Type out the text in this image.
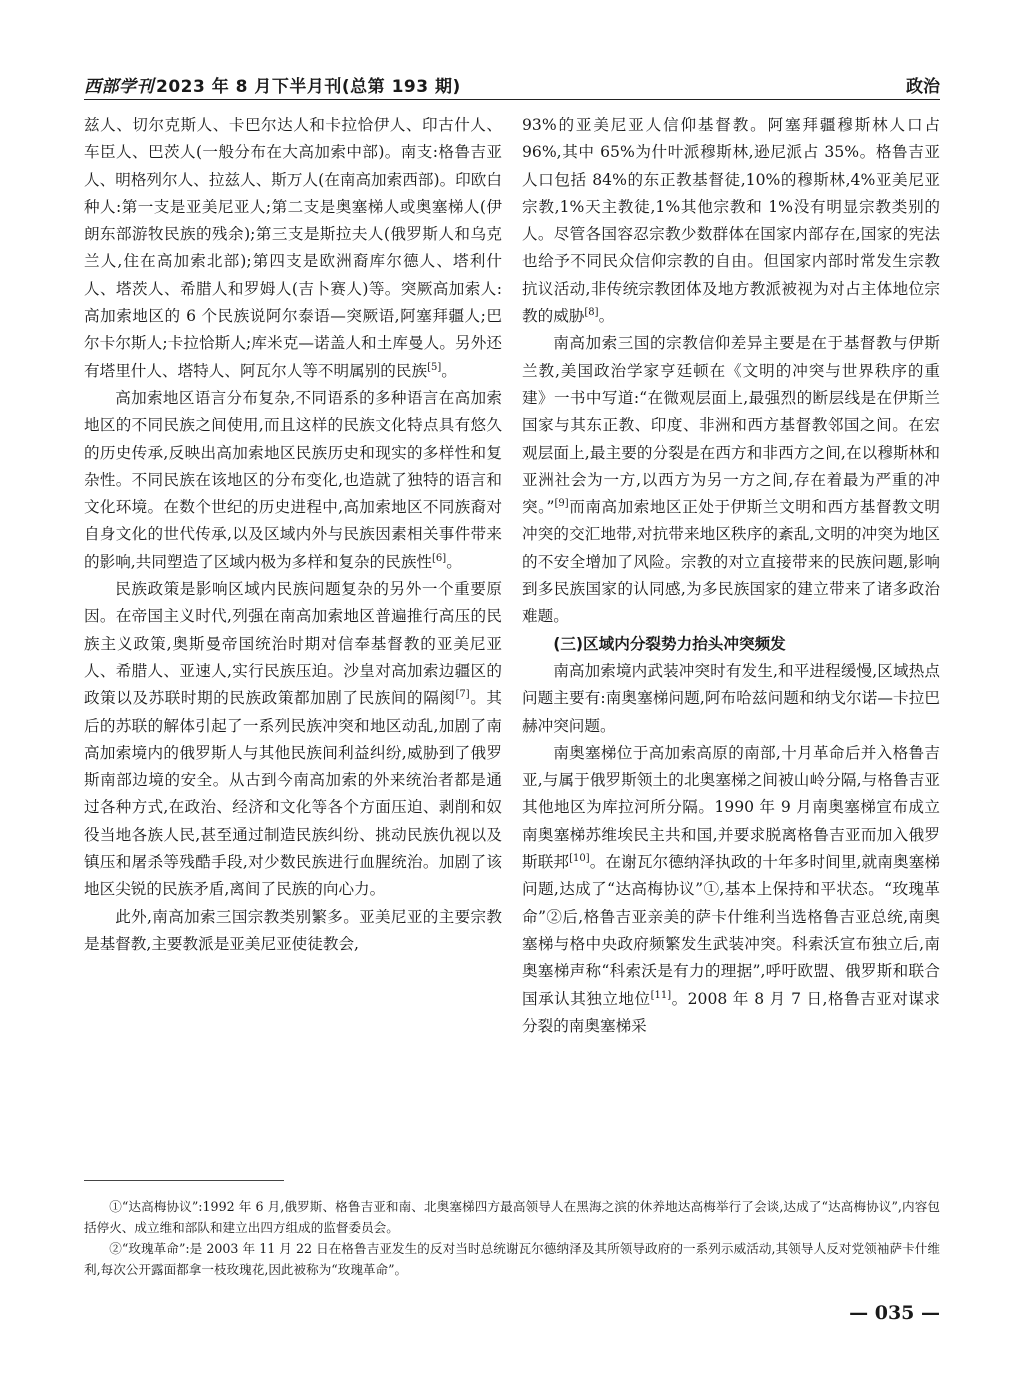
西部学刊 2023 年 8 月下半月刊(总第 193 期)	政治

兹人、切尔克斯人、卡巴尔达人和卡拉恰伊人、印古什人、车臣人、巴茨人(一般分布在大高加索中部)。南支:格鲁吉亚人、明格列尔人、拉兹人、斯万人(在南高加索西部)。印欧白种人:第一支是亚美尼亚人;第二支是奥塞梯人或奥塞梯人(伊朗东部游牧民族的残余);第三支是斯拉夫人(俄罗斯人和乌克兰人,住在高加索北部);第四支是欧洲裔库尔德人、塔利什人、塔茨人、希腊人和罗姆人(吉卜赛人)等。突厥高加索人:高加索地区的 6 个民族说阿尔泰语—突厥语,阿塞拜疆人;巴尔卡尔斯人;卡拉恰斯人;库米克—诺盖人和土库曼人。另外还有塔里什人、塔特人、阿瓦尔人等不明属别的民族[5]。

高加索地区语言分布复杂,不同语系的多种语言在高加索地区的不同民族之间使用,而且这样的民族文化特点具有悠久的历史传承,反映出高加索地区民族历史和现实的多样性和复杂性。不同民族在该地区的分布变化,也造就了独特的语言和文化环境。在数个世纪的历史进程中,高加索地区不同族裔对自身文化的世代传承,以及区域内外与民族因素相关事件带来的影响,共同塑造了区域内极为多样和复杂的民族性[6]。

民族政策是影响区域内民族问题复杂的另外一个重要原因。在帝国主义时代,列强在南高加索地区普遍推行高压的民族主义政策,奥斯曼帝国统治时期对信奉基督教的亚美尼亚人、希腊人、亚速人,实行民族压迫。沙皇对高加索边疆区的政策以及苏联时期的民族政策都加剧了民族间的隔阂[7]。其后的苏联的解体引起了一系列民族冲突和地区动乱,加剧了南高加索境内的俄罗斯人与其他民族间利益纠纷,威胁到了俄罗斯南部边境的安全。从古到今南高加索的外来统治者都是通过各种方式,在政治、经济和文化等各个方面压迫、剥削和奴役当地各族人民,甚至通过制造民族纠纷、挑动民族仇视以及镇压和屠杀等残酷手段,对少数民族进行血腥统治。加剧了该地区尖锐的民族矛盾,离间了民族的向心力。

此外,南高加索三国宗教类别繁多。亚美尼亚的主要宗教是基督教,主要教派是亚美尼亚使徒教会,

93%的亚美尼亚人信仰基督教。阿塞拜疆穆斯林人口占 96%,其中 65%为什叶派穆斯林,逊尼派占 35%。格鲁吉亚人口包括 84%的东正教基督徒,10%的穆斯林,4%亚美尼亚宗教,1%天主教徒,1%其他宗教和 1%没有明显宗教类别的人。尽管各国容忍宗教少数群体在国家内部存在,国家的宪法也给予不同民众信仰宗教的自由。但国家内部时常发生宗教抗议活动,非传统宗教团体及地方教派被视为对占主体地位宗教的威胁[8]。

南高加索三国的宗教信仰差异主要是在于基督教与伊斯兰教,美国政治学家亨廷顿在《文明的冲突与世界秩序的重建》一书中写道:“在微观层面上,最强烈的断层线是在伊斯兰国家与其东正教、印度、非洲和西方基督教邻国之间。在宏观层面上,最主要的分裂是在西方和非西方之间,在以穆斯林和亚洲社会为一方,以西方为另一方之间,存在着最为严重的冲突。”[9]而南高加索地区正处于伊斯兰文明和西方基督教文明冲突的交汇地带,对抗带来地区秩序的紊乱,文明的冲突为地区的不安全增加了风险。宗教的对立直接带来的民族问题,影响到多民族国家的认同感,为多民族国家的建立带来了诸多政治难题。

(三)区域内分裂势力抬头冲突频发

南高加索境内武装冲突时有发生,和平进程缓慢,区域热点问题主要有:南奥塞梯问题,阿布哈兹问题和纳戈尔诺—卡拉巴赫冲突问题。

南奥塞梯位于高加索高原的南部,十月革命后并入格鲁吉亚,与属于俄罗斯领土的北奥塞梯之间被山岭分隔,与格鲁吉亚其他地区为库拉河所分隔。1990 年 9 月南奥塞梯宣布成立南奥塞梯苏维埃民主共和国,并要求脱离格鲁吉亚而加入俄罗斯联邦[10]。在谢瓦尔德纳泽执政的十年多时间里,就南奥塞梯问题,达成了“达高梅协议”①,基本上保持和平状态。“玫瑰革命”②后,格鲁吉亚亲美的萨卡什维利当选格鲁吉亚总统,南奥塞梯与格中央政府频繁发生武装冲突。科索沃宣布独立后,南奥塞梯声称“科索沃是有力的理据”,呼吁欧盟、俄罗斯和联合国承认其独立地位[11]。2008 年 8 月 7 日,格鲁吉亚对谋求分裂的南奥塞梯采

①“达高梅协议”:1992 年 6 月,俄罗斯、格鲁吉亚和南、北奥塞梯四方最高领导人在黑海之滨的休养地达高梅举行了会谈,达成了“达高梅协议”,内容包括停火、成立维和部队和建立出四方组成的监督委员会。

②“玫瑰革命”:是 2003 年 11 月 22 日在格鲁吉亚发生的反对当时总统谢瓦尔德纳泽及其所领导政府的一系列示威活动,其领导人反对党领袖萨卡什维利,每次公开露面都拿一枝玫瑰花,因此被称为“玫瑰革命”。

— 035 —
